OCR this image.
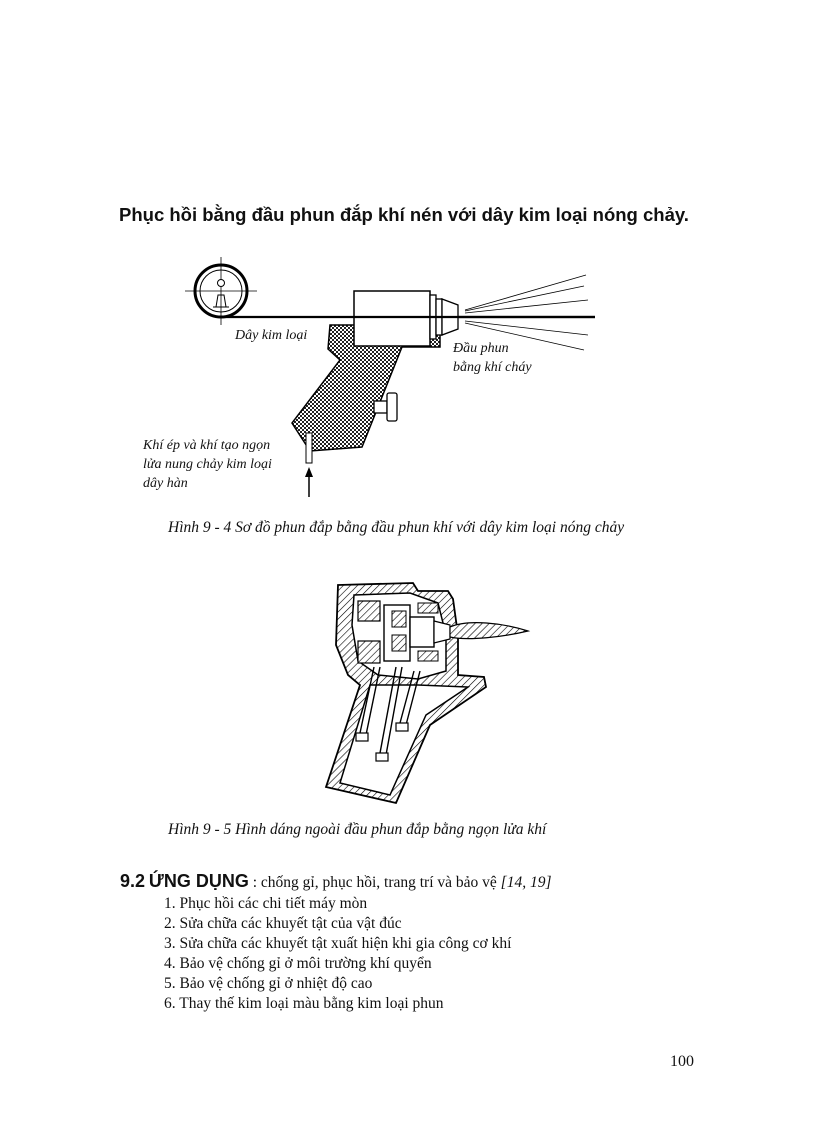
Phục hồi bằng đầu phun đắp khí nén với dây kim loại nóng chảy.
Dây kim loại
Đầu phun
bằng khí cháy
Khí ép và khí tạo ngọn
lửa nung chảy kim loại
dây hàn
Hình 9 - 4 Sơ đồ phun đắp bằng đầu phun khí với dây kim loại nóng chảy
Hình 9 - 5 Hình dáng ngoài đầu phun đắp bằng ngọn lửa khí
9.2 ỨNG DỤNG : chống gỉ, phục hồi, trang trí và bảo vệ [14, 19]
1. Phục hồi các chi tiết máy mòn
2. Sửa chữa các khuyết tật của vật đúc
3. Sửa chữa các khuyết tật xuất hiện khi gia công cơ khí
4. Bảo vệ chống gỉ ở môi trường khí quyển
5. Bảo vệ chống gỉ ở nhiệt độ cao
6. Thay thế kim loại màu bằng kim loại phun
100
